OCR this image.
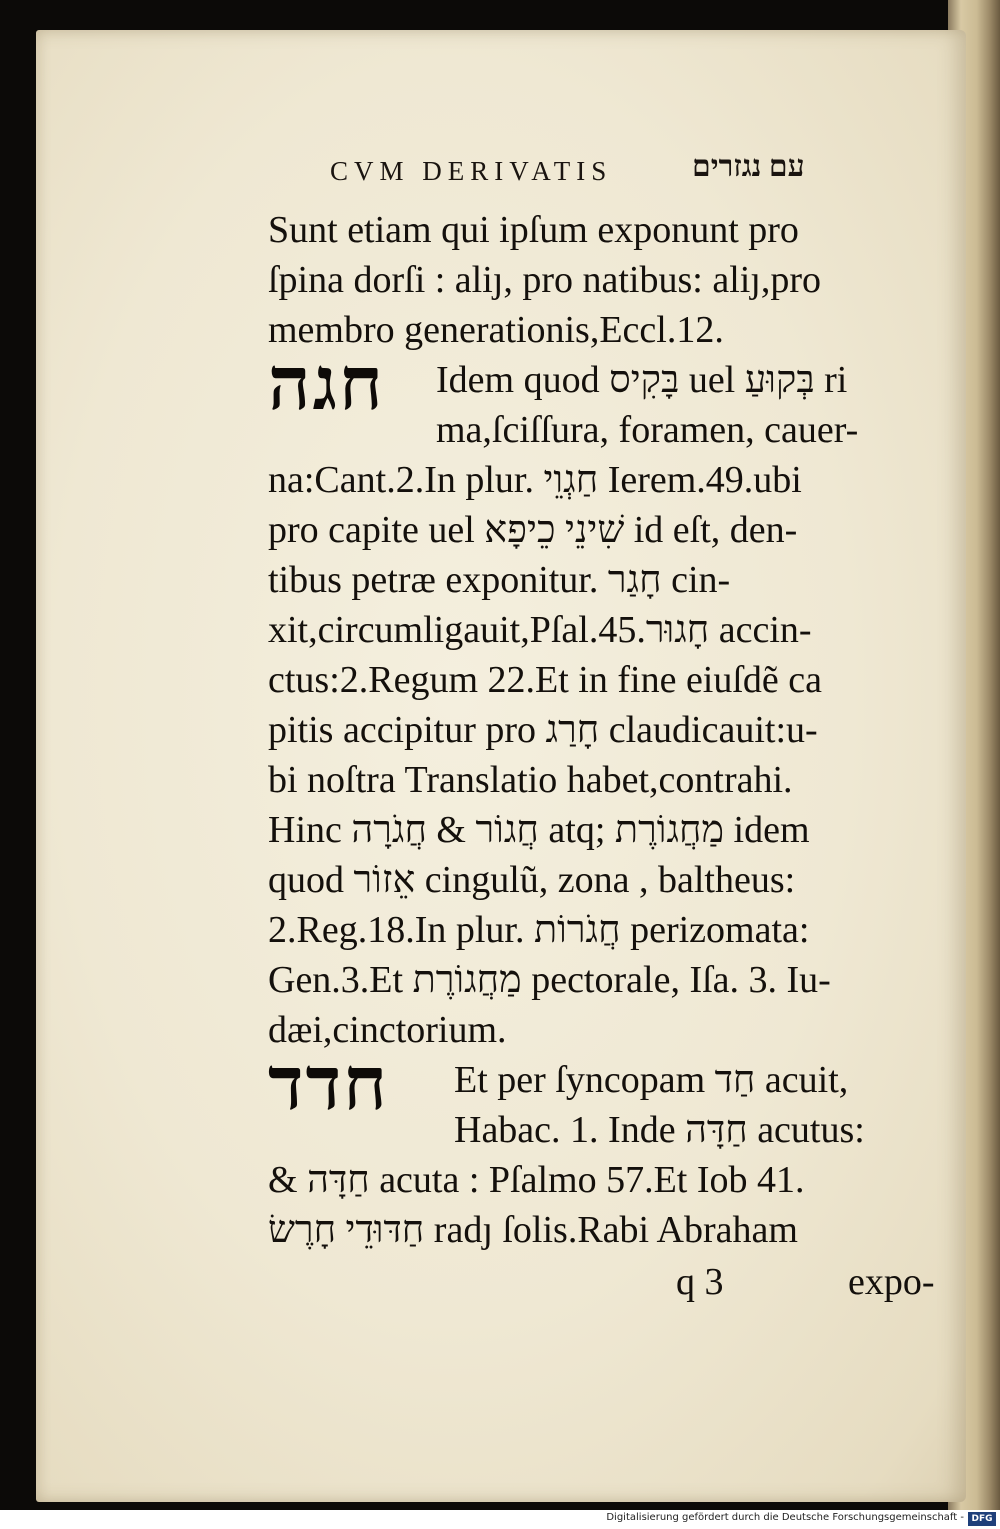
CVM DERIVATIS	עם נגזרים
Sunt etiam qui ipſum exponunt pro
ſpina dorſi : aliȷ, pro natibus: aliȷ,pro
membro generationis,Eccl.12.
חגה Idem quod בָּקִיס uel בְּקוּעַ ri
ma,ſciſſura, foramen, cauer-
na:Cant.2.In plur. חַגְוֵי Ierem.49.ubi
pro capite uel שִׁינֵי כֵיפָא id eſt, den-
tibus petræ exponitur. חָגַר cin-
xit,circumligauit,Pſal.45.חָגוּר accin-
ctus:2.Regum 22.Et in fine eiuſdẽ ca
pitis accipitur pro חָרַג claudicauit:u-
bi noſtra Translatio habet,contrahi.
Hinc חֲגוֹר & חֲגֹרָה atq; מַחֲגוֹרֶת idem
quod אֵזוֹר cingulũ, zona , baltheus:
2.Reg.18.In plur. חֲגֹרוֹת perizomata:
Gen.3.Et מַחֲגוֹרֶת pectorale, Iſa. 3. Iu-
dæi,cinctorium.
חדד Et per ſyncopam חַד acuit,
Habac. 1. Inde חַדָּה acutus:
& חַדָּה acuta : Pſalmo 57.Et Iob 41.
חַדּוּדֵי חָרֶשׂ radȷ ſolis.Rabi Abraham
q 3	expo-
Digitalisierung gefördert durch die Deutsche Forschungsgemeinschaft - DFG
